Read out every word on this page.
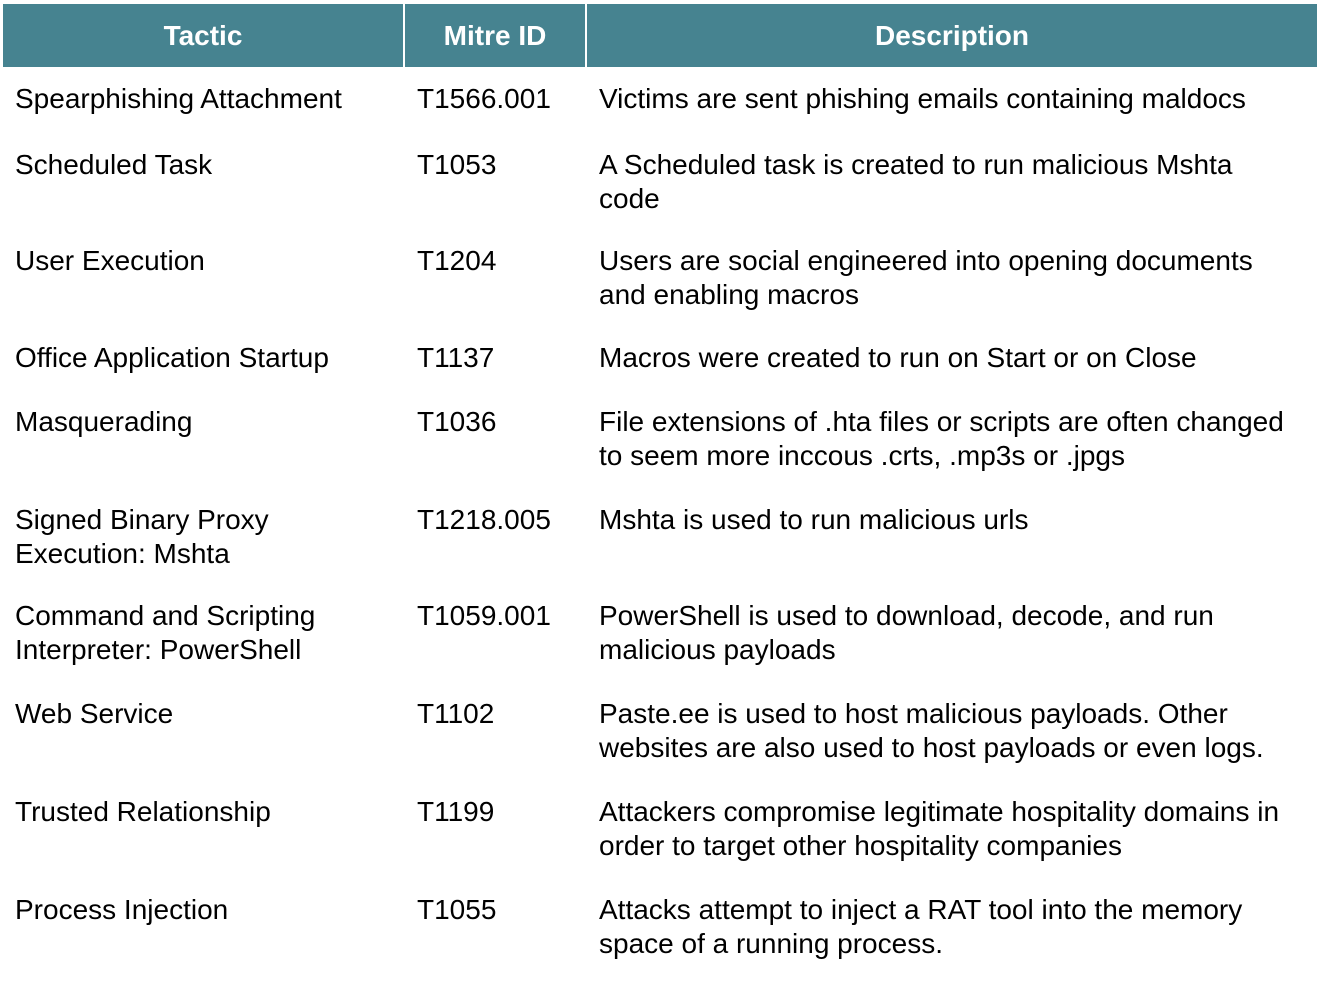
Tactic	Mitre ID	Description
Spearphishing Attachment	T1566.001	Victims are sent phishing emails containing maldocs
Scheduled Task	T1053	A Scheduled task is created to run malicious Mshta code
User Execution	T1204	Users are social engineered into opening documents and enabling macros
Office Application Startup	T1137	Macros were created to run on Start or on Close
Masquerading	T1036	File extensions of .hta files or scripts are often changed to seem more inccous .crts, .mp3s or .jpgs
Signed Binary Proxy Execution: Mshta	T1218.005	Mshta is used to run malicious urls
Command and Scripting Interpreter: PowerShell	T1059.001	PowerShell is used to download, decode, and run malicious payloads
Web Service	T1102	Paste.ee is used to host malicious payloads. Other websites are also used to host payloads or even logs.
Trusted Relationship	T1199	Attackers compromise legitimate hospitality domains in order to target other hospitality companies
Process Injection	T1055	Attacks attempt to inject a RAT tool into the memory space of a running process.
